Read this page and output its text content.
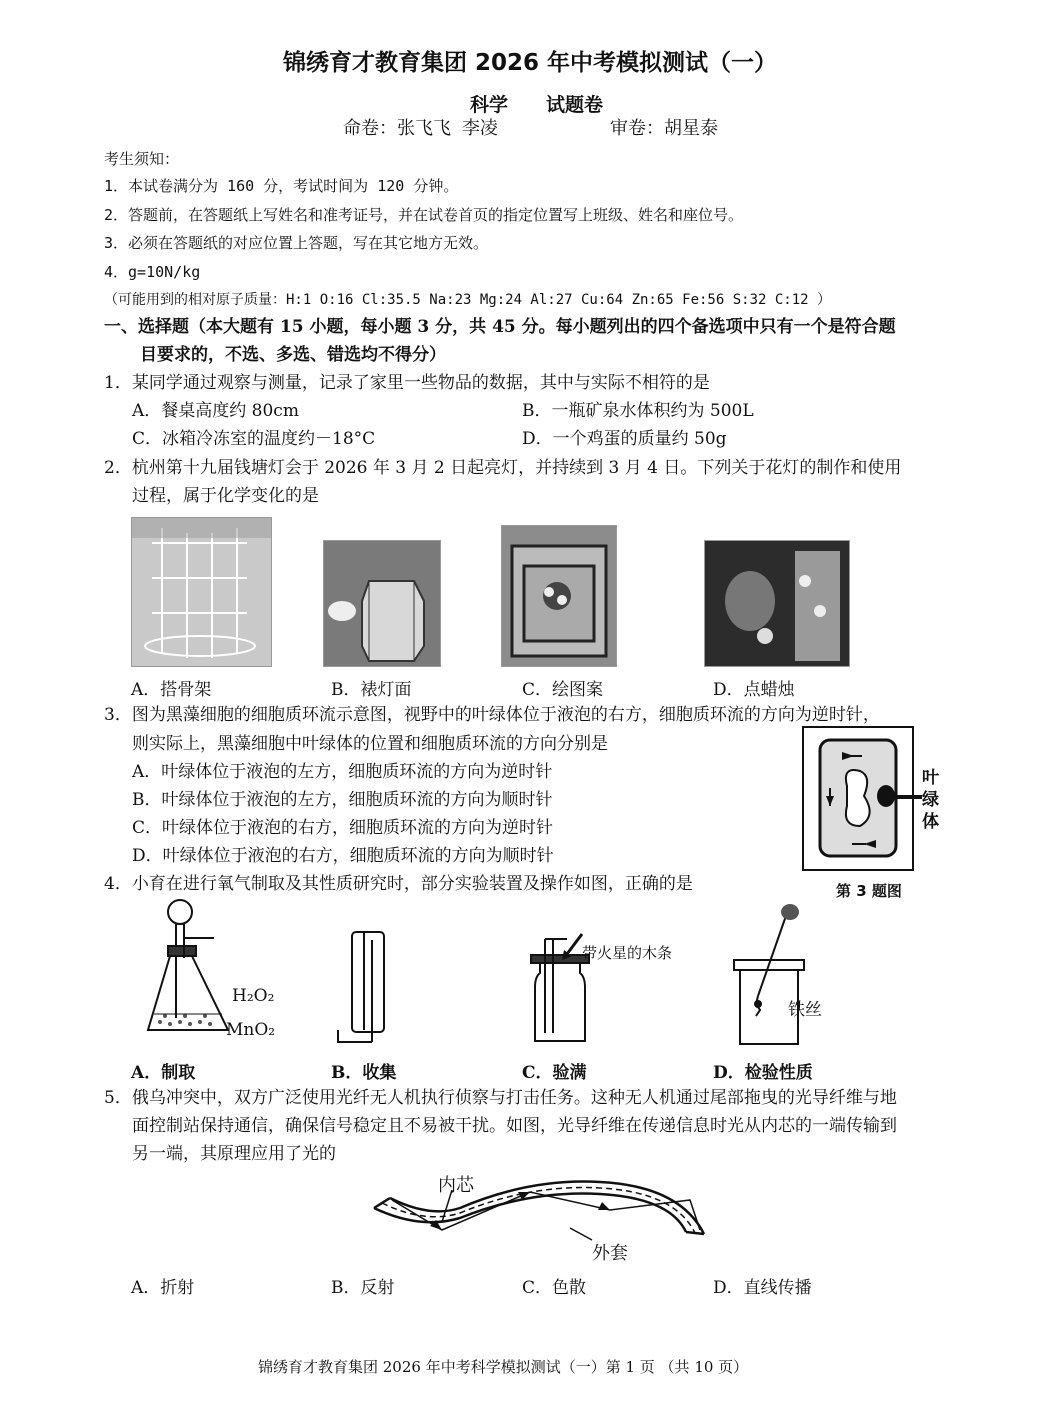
锦绣育才教育集团 2026 年中考模拟测试（一）
科学 试题卷
命卷：张飞飞 李凌	审卷：胡星泰
考生须知：
1．本试卷满分为 160 分，考试时间为 120 分钟。
2．答题前，在答题纸上写姓名和准考证号，并在试卷首页的指定位置写上班级、姓名和座位号。
3．必须在答题纸的对应位置上答题，写在其它地方无效。
4．g=10N/kg
（可能用到的相对原子质量：H:1 O:16 Cl:35.5 Na:23 Mg:24 Al:27 Cu:64 Zn:65 Fe:56 S:32 C:12 ）
一、选择题（本大题有 15 小题，每小题 3 分，共 45 分。每小题列出的四个备选项中只有一个是符合题
目要求的，不选、多选、错选均不得分）
1．某同学通过观察与测量，记录了家里一些物品的数据，其中与实际不相符的是
A．餐桌高度约 80cm	B．一瓶矿泉水体积约为 500L
C．冰箱冷冻室的温度约－18°C	D．一个鸡蛋的质量约 50g
2．杭州第十九届钱塘灯会于 2026 年 3 月 2 日起亮灯，并持续到 3 月 4 日。下列关于花灯的制作和使用
过程，属于化学变化的是
A．搭骨架	B．裱灯面	C．绘图案	D．点蜡烛
3．图为黑藻细胞的细胞质环流示意图，视野中的叶绿体位于液泡的右方，细胞质环流的方向为逆时针，
则实际上，黑藻细胞中叶绿体的位置和细胞质环流的方向分别是
A．叶绿体位于液泡的左方，细胞质环流的方向为逆时针
B．叶绿体位于液泡的左方，细胞质环流的方向为顺时针
C．叶绿体位于液泡的右方，细胞质环流的方向为逆时针
D．叶绿体位于液泡的右方，细胞质环流的方向为顺时针
叶绿体
第 3 题图
4．小育在进行氧气制取及其性质研究时，部分实验装置及操作如图，正确的是
H₂O₂
MnO₂
带火星的木条
铁丝
A．制取	B．收集	C．验满	D．检验性质
5．俄乌冲突中，双方广泛使用光纤无人机执行侦察与打击任务。这种无人机通过尾部拖曳的光导纤维与地
面控制站保持通信，确保信号稳定且不易被干扰。如图，光导纤维在传递信息时光从内芯的一端传输到
另一端，其原理应用了光的
内芯
外套
A．折射	B．反射	C．色散	D．直线传播
锦绣育才教育集团 2026 年中考科学模拟测试（一）第 1 页 （共 10 页）
